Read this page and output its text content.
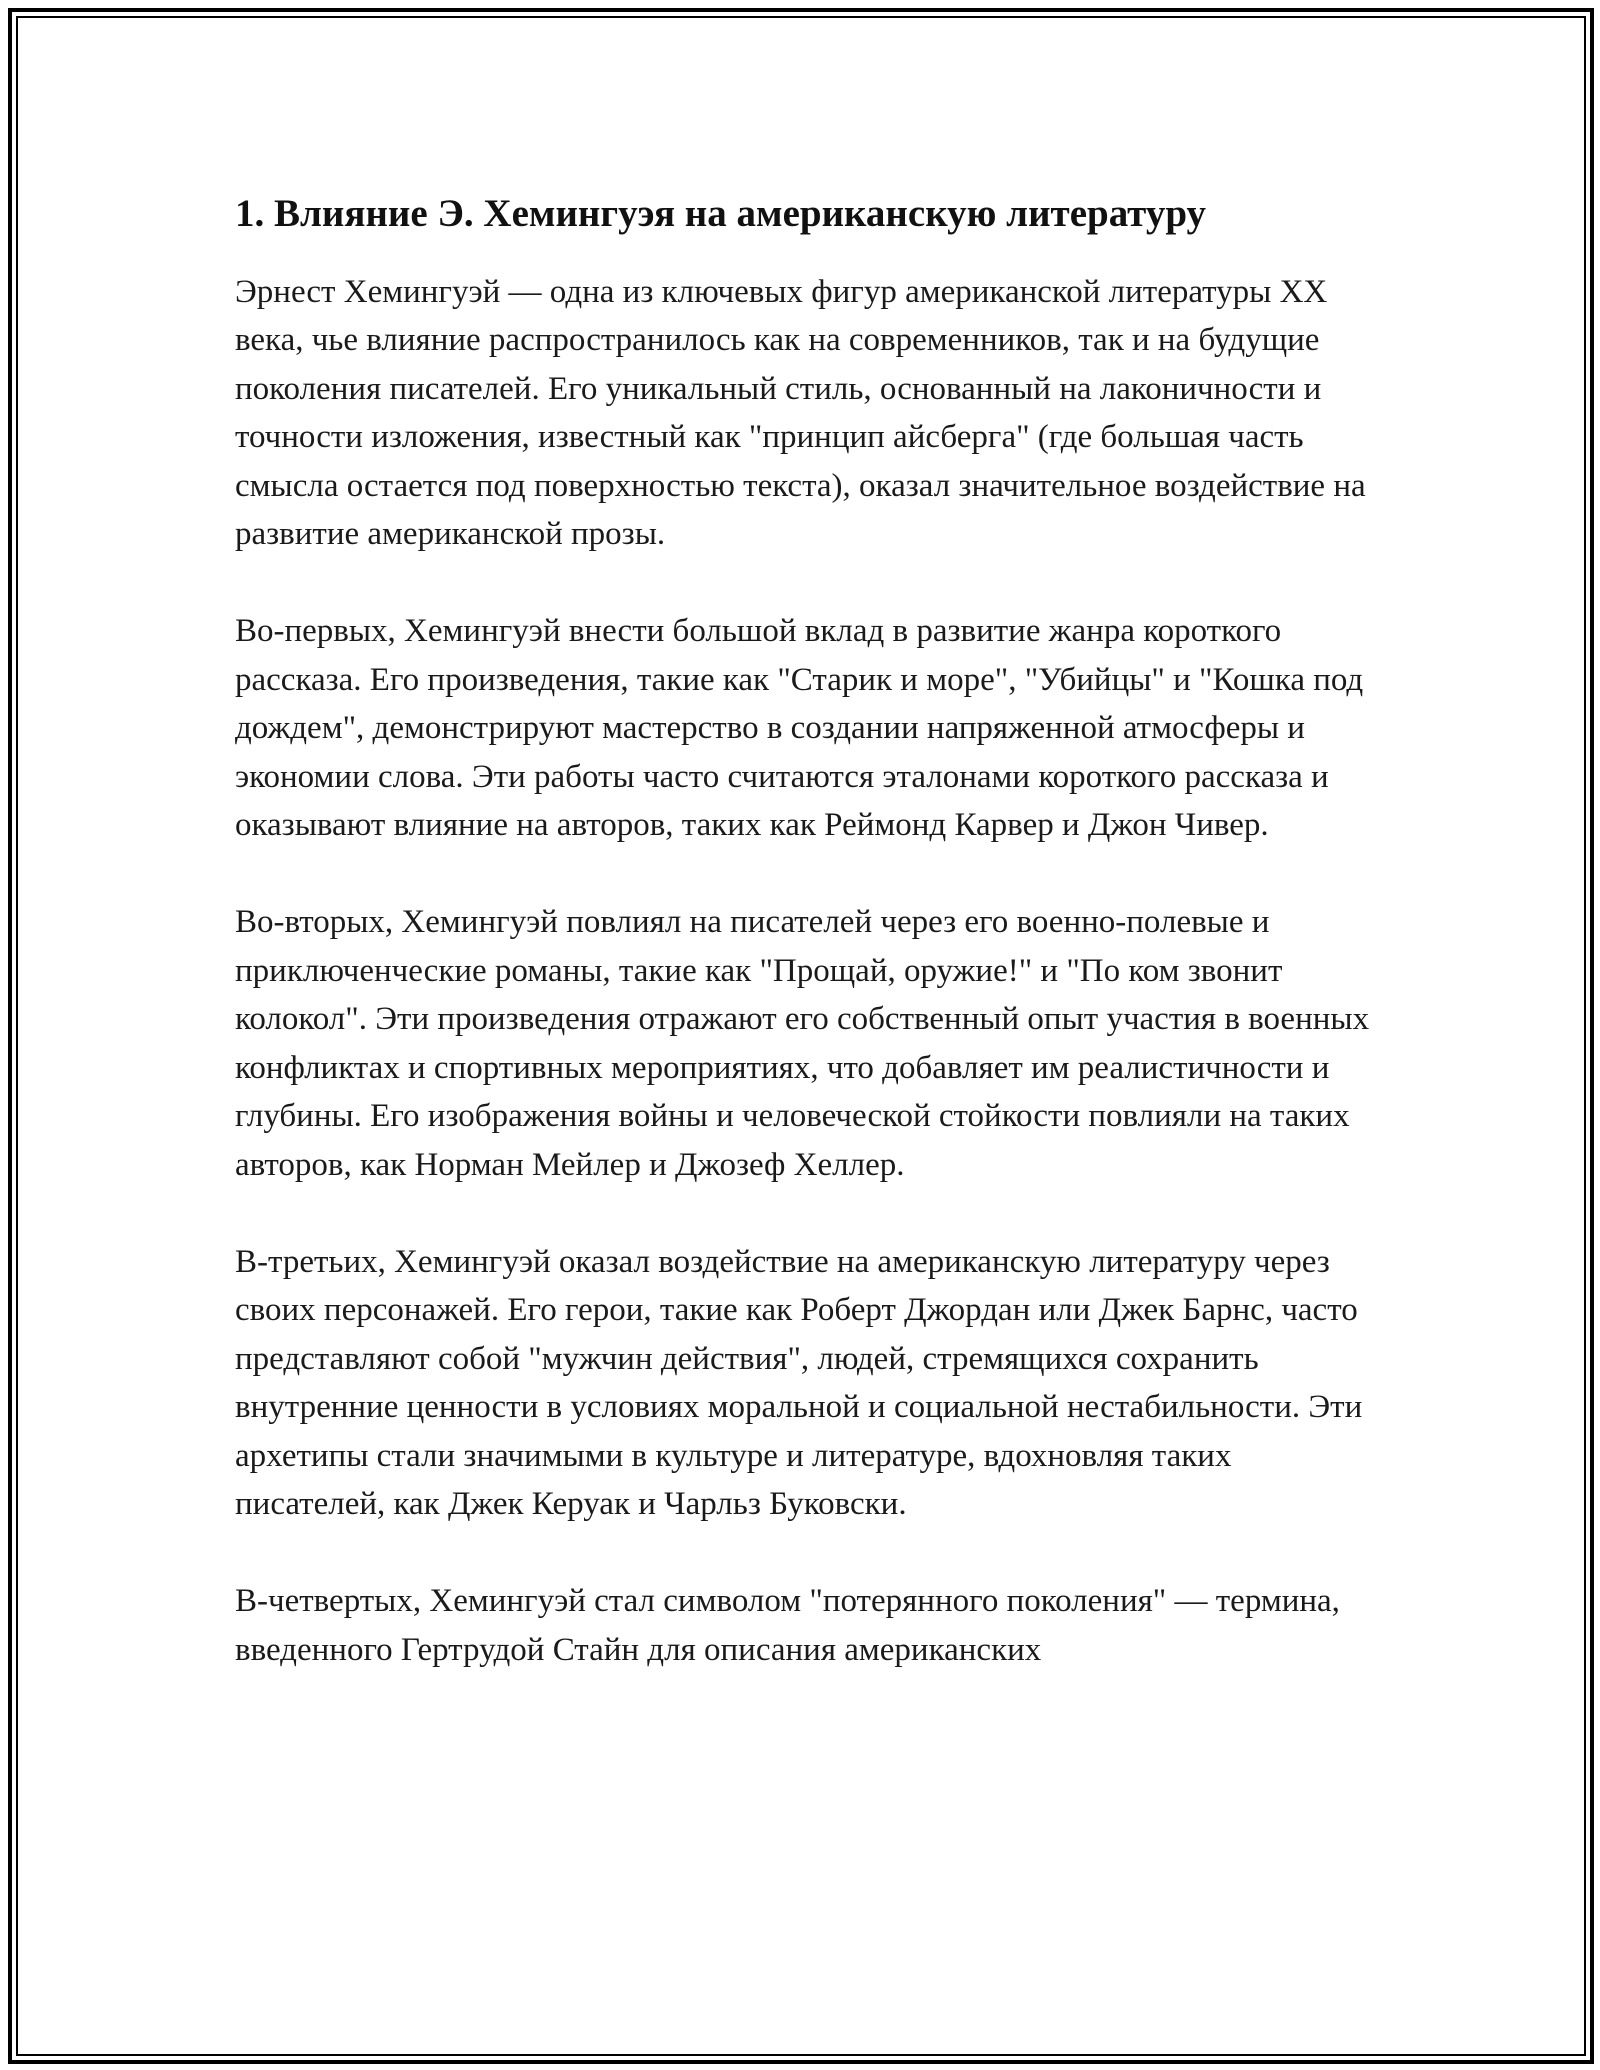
1. Влияние Э. Хемингуэя на американскую литературу

Эрнест Хемингуэй — одна из ключевых фигур американской литературы XX века, чье влияние распространилось как на современников, так и на будущие поколения писателей. Его уникальный стиль, основанный на лаконичности и точности изложения, известный как "принцип айсберга" (где большая часть смысла остается под поверхностью текста), оказал значительное воздействие на развитие американской прозы.

Во-первых, Хемингуэй внести большой вклад в развитие жанра короткого рассказа. Его произведения, такие как "Старик и море", "Убийцы" и "Кошка под дождем", демонстрируют мастерство в создании напряженной атмосферы и экономии слова. Эти работы часто считаются эталонами короткого рассказа и оказывают влияние на авторов, таких как Реймонд Карвер и Джон Чивер.

Во-вторых, Хемингуэй повлиял на писателей через его военно-полевые и приключенческие романы, такие как "Прощай, оружие!" и "По ком звонит колокол". Эти произведения отражают его собственный опыт участия в военных конфликтах и спортивных мероприятиях, что добавляет им реалистичности и глубины. Его изображения войны и человеческой стойкости повлияли на таких авторов, как Норман Мейлер и Джозеф Хеллер.

В-третьих, Хемингуэй оказал воздействие на американскую литературу через своих персонажей. Его герои, такие как Роберт Джордан или Джек Барнс, часто представляют собой "мужчин действия", людей, стремящихся сохранить внутренние ценности в условиях моральной и социальной нестабильности. Эти архетипы стали значимыми в культуре и литературе, вдохновляя таких писателей, как Джек Керуак и Чарльз Буковски.

В-четвертых, Хемингуэй стал символом "потерянного поколения" — термина, введенного Гертрудой Стайн для описания американских
